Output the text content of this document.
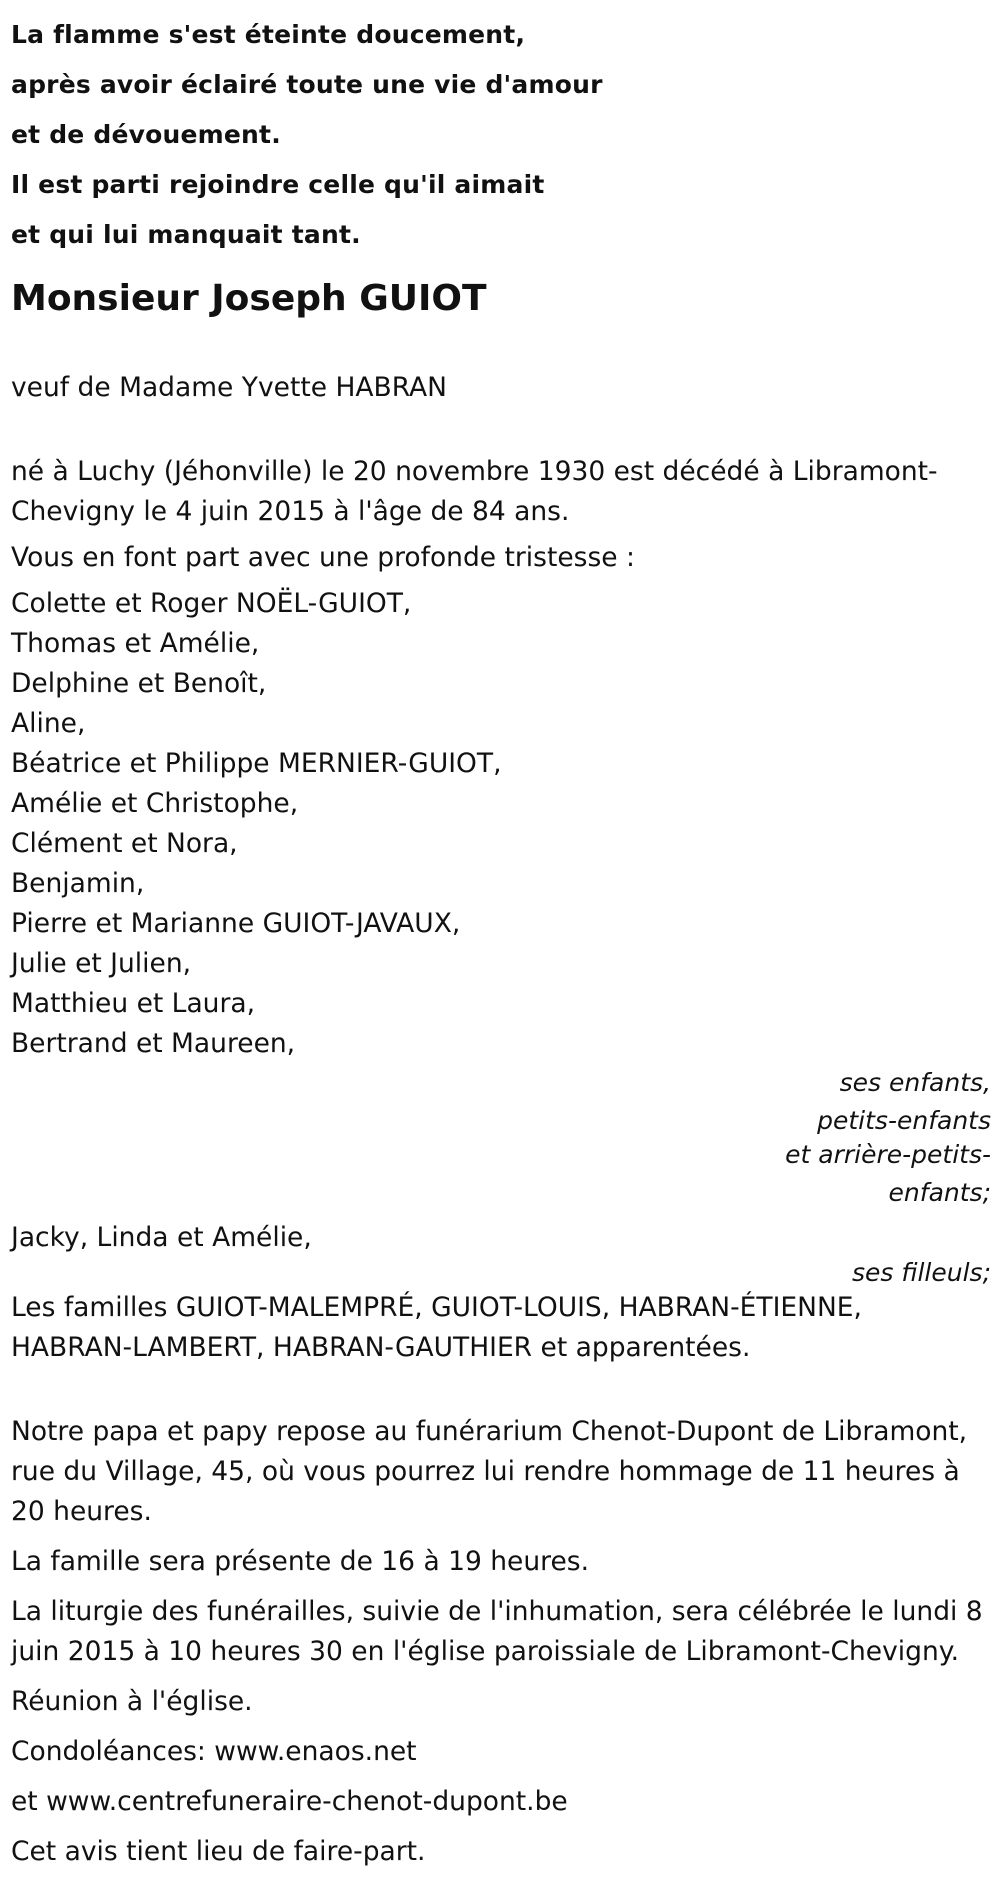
La flamme s'est éteinte doucement,

après avoir éclairé toute une vie d'amour

et de dévouement.

Il est parti rejoindre celle qu'il aimait

et qui lui manquait tant.

Monsieur Joseph GUIOT

veuf de Madame Yvette HABRAN

né à Luchy (Jéhonville) le 20 novembre 1930 est décédé à Libramont-Chevigny le 4 juin 2015 à l'âge de 84 ans.

Vous en font part avec une profonde tristesse :

Colette et Roger NOËL-GUIOT,
Thomas et Amélie,
Delphine et Benoît,
Aline,
Béatrice et Philippe MERNIER-GUIOT,
Amélie et Christophe,
Clément et Nora,
Benjamin,
Pierre et Marianne GUIOT-JAVAUX,
Julie et Julien,
Matthieu et Laura,
Bertrand et Maureen,
ses enfants, petits-enfants
et arrière-petits-enfants;
Jacky, Linda et Amélie,
ses filleuls;

Les familles GUIOT-MALEMPRÉ, GUIOT-LOUIS, HABRAN-ÉTIENNE, HABRAN-LAMBERT, HABRAN-GAUTHIER et apparentées.

Notre papa et papy repose au funérarium Chenot-Dupont de Libramont, rue du Village, 45, où vous pourrez lui rendre hommage de 11 heures à 20 heures.

La famille sera présente de 16 à 19 heures.

La liturgie des funérailles, suivie de l'inhumation, sera célébrée le lundi 8 juin 2015 à 10 heures 30 en l'église paroissiale de Libramont-Chevigny.

Réunion à l'église.

Condoléances: www.enaos.net

et www.centrefuneraire-chenot-dupont.be

Cet avis tient lieu de faire-part.
